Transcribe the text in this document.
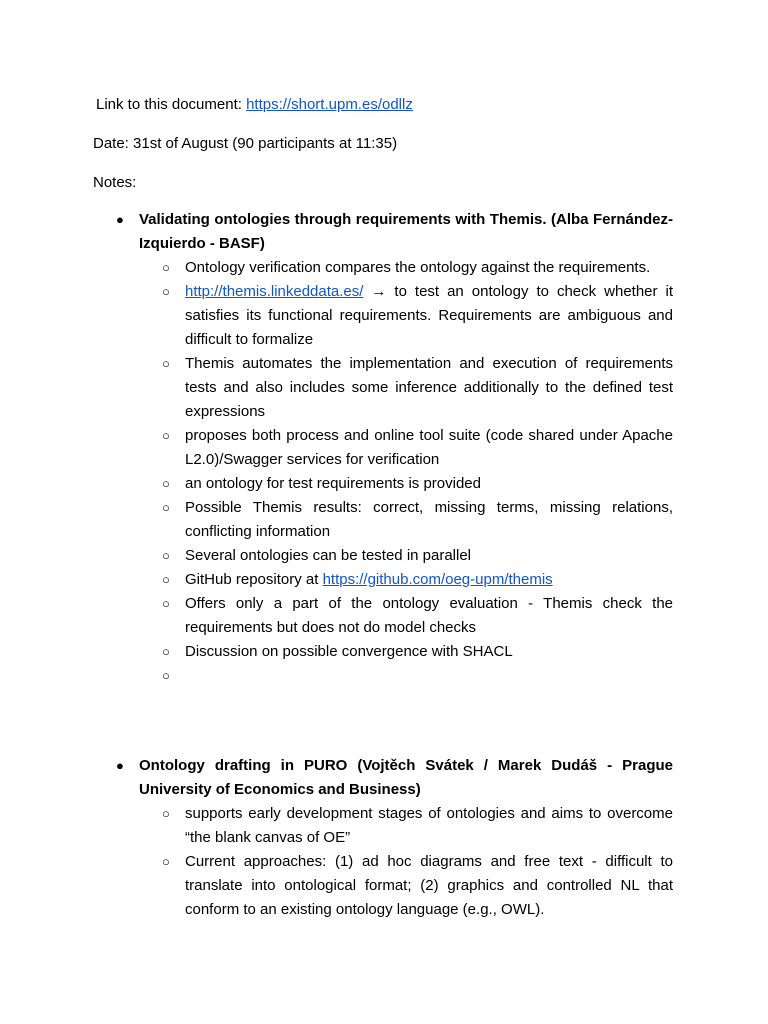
Link to this document: https://short.upm.es/odllz

Date: 31st of August (90 participants at 11:35)

Notes:

● Validating ontologies through requirements with Themis. (Alba Fernández-Izquierdo - BASF)
○ Ontology verification compares the ontology against the requirements.
○ http://themis.linkeddata.es/ → to test an ontology to check whether it satisfies its functional requirements. Requirements are ambiguous and difficult to formalize
○ Themis automates the implementation and execution of requirements tests and also includes some inference additionally to the defined test expressions
○ proposes both process and online tool suite (code shared under Apache L2.0)/Swagger services for verification
○ an ontology for test requirements is provided
○ Possible Themis results: correct, missing terms, missing relations, conflicting information
○ Several ontologies can be tested in parallel
○ GitHub repository at https://github.com/oeg-upm/themis
○ Offers only a part of the ontology evaluation - Themis check the requirements but does not do model checks
○ Discussion on possible convergence with SHACL
○
● Ontology drafting in PURO (Vojtěch Svátek / Marek Dudáš - Prague University of Economics and Business)
○ supports early development stages of ontologies and aims to overcome “the blank canvas of OE”
○ Current approaches: (1) ad hoc diagrams and free text - difficult to translate into ontological format; (2) graphics and controlled NL that conform to an existing ontology language (e.g., OWL).
